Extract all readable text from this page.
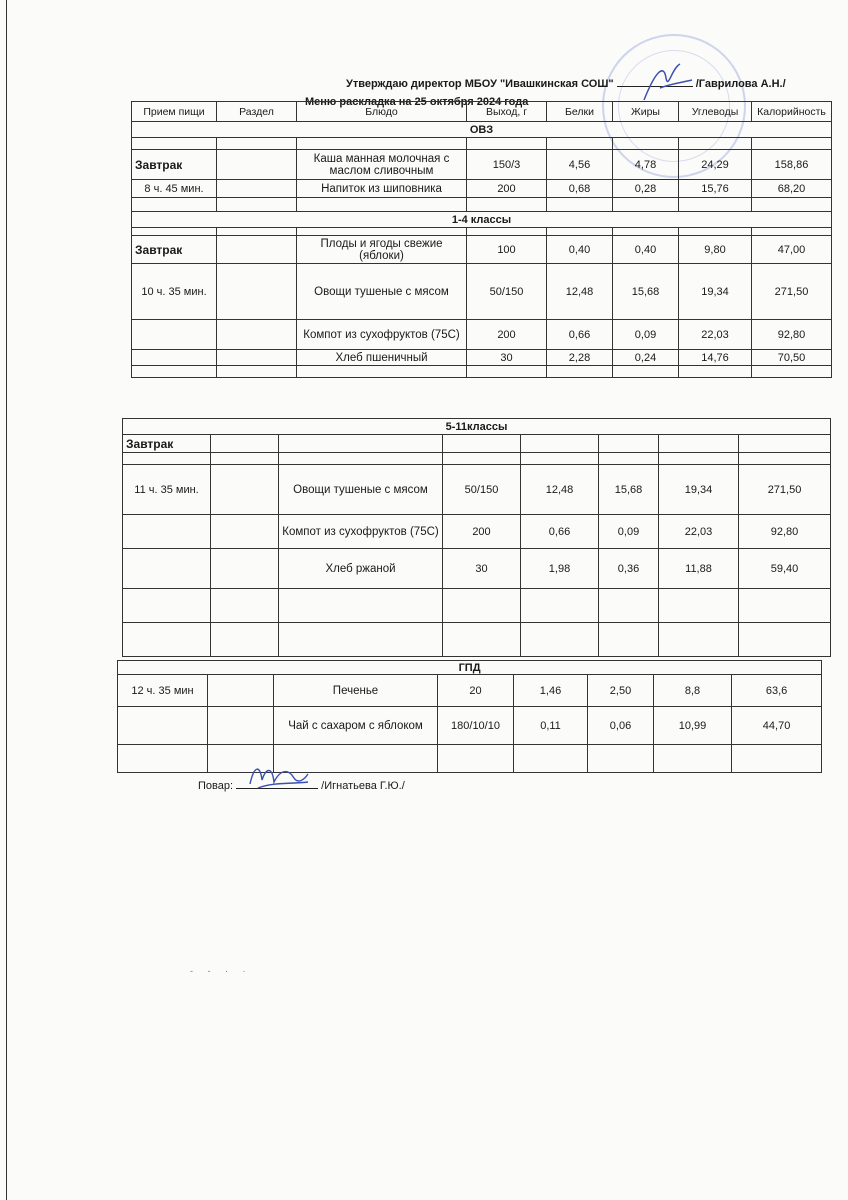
Утверждаю директор МБОУ "Ивашкинская СОШ"	/Гаврилова А.Н./
Меню раскладка на 25 октября 2024 года
Прием пищи	Раздел	Блюдо	Выход, г	Белки	Жиры	Углеводы	Калорийность
ОВЗ							

Завтрак		Каша манная молочная с маслом сливочным	150/3	4,56	4,78	24,29	158,86
8 ч. 45 мин.		Напиток из шиповника	200	0,68	0,28	15,76	68,20

1-4 классы							

Завтрак		Плоды и ягоды свежие (яблоки)	100	0,40	0,40	9,80	47,00
10 ч. 35 мин.		Овощи тушеные с мясом	50/150	12,48	15,68	19,34	271,50
		Компот из сухофруктов (75С)	200	0,66	0,09	22,03	92,80
		Хлеб пшеничный	30	2,28	0,24	14,76	70,50

5-11классы							
Завтрак							

11 ч. 35 мин.		Овощи тушеные с мясом	50/150	12,48	15,68	19,34	271,50
		Компот из сухофруктов (75С)	200	0,66	0,09	22,03	92,80
		Хлеб ржаной	30	1,98	0,36	11,88	59,40

ГПД							
12 ч. 35 мин		Печенье	20	1,46	2,50	8,8	63,6
		Чай с сахаром с яблоком	180/10/10	0,11	0,06	10,99	44,70

Повар:	/Игнатьева Г.Ю./
‐ ‐ · ·
